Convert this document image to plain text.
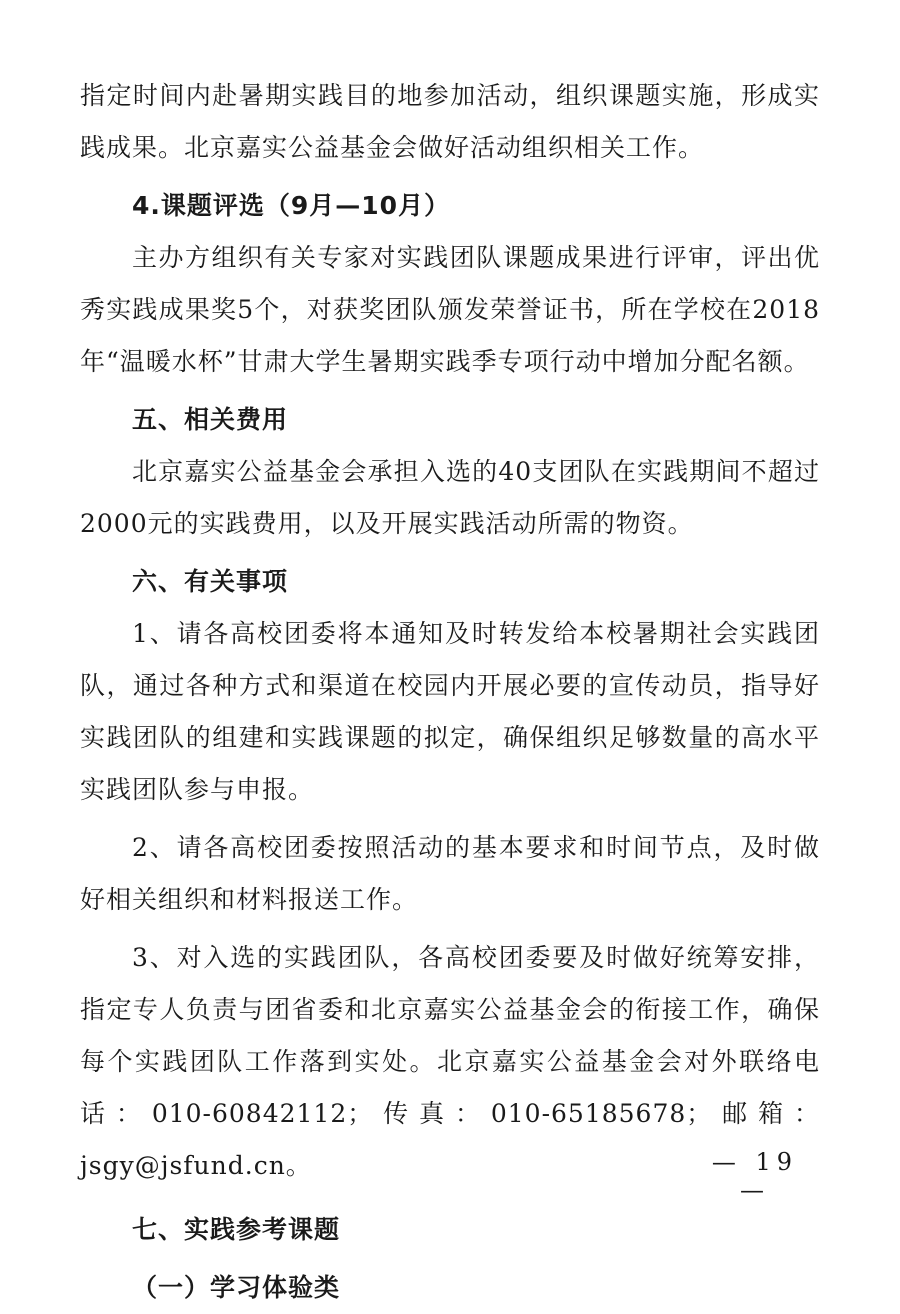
指定时间内赴暑期实践目的地参加活动，组织课题实施，形成实践成果。北京嘉实公益基金会做好活动组织相关工作。

4.课题评选（9月—10月）

主办方组织有关专家对实践团队课题成果进行评审，评出优秀实践成果奖5个，对获奖团队颁发荣誉证书，所在学校在2018年“温暖水杯”甘肃大学生暑期实践季专项行动中增加分配名额。

五、相关费用

北京嘉实公益基金会承担入选的40支团队在实践期间不超过2000元的实践费用，以及开展实践活动所需的物资。

六、有关事项

1、请各高校团委将本通知及时转发给本校暑期社会实践团队，通过各种方式和渠道在校园内开展必要的宣传动员，指导好实践团队的组建和实践课题的拟定，确保组织足够数量的高水平实践团队参与申报。

2、请各高校团委按照活动的基本要求和时间节点，及时做好相关组织和材料报送工作。

3、对入选的实践团队，各高校团委要及时做好统筹安排，指定专人负责与团省委和北京嘉实公益基金会的衔接工作，确保每个实践团队工作落到实处。北京嘉实公益基金会对外联络电话：010-60842112；传真：010-65185678；邮箱：jsgy@jsfund.cn。

七、实践参考课题

（一）学习体验类

— 19 —
